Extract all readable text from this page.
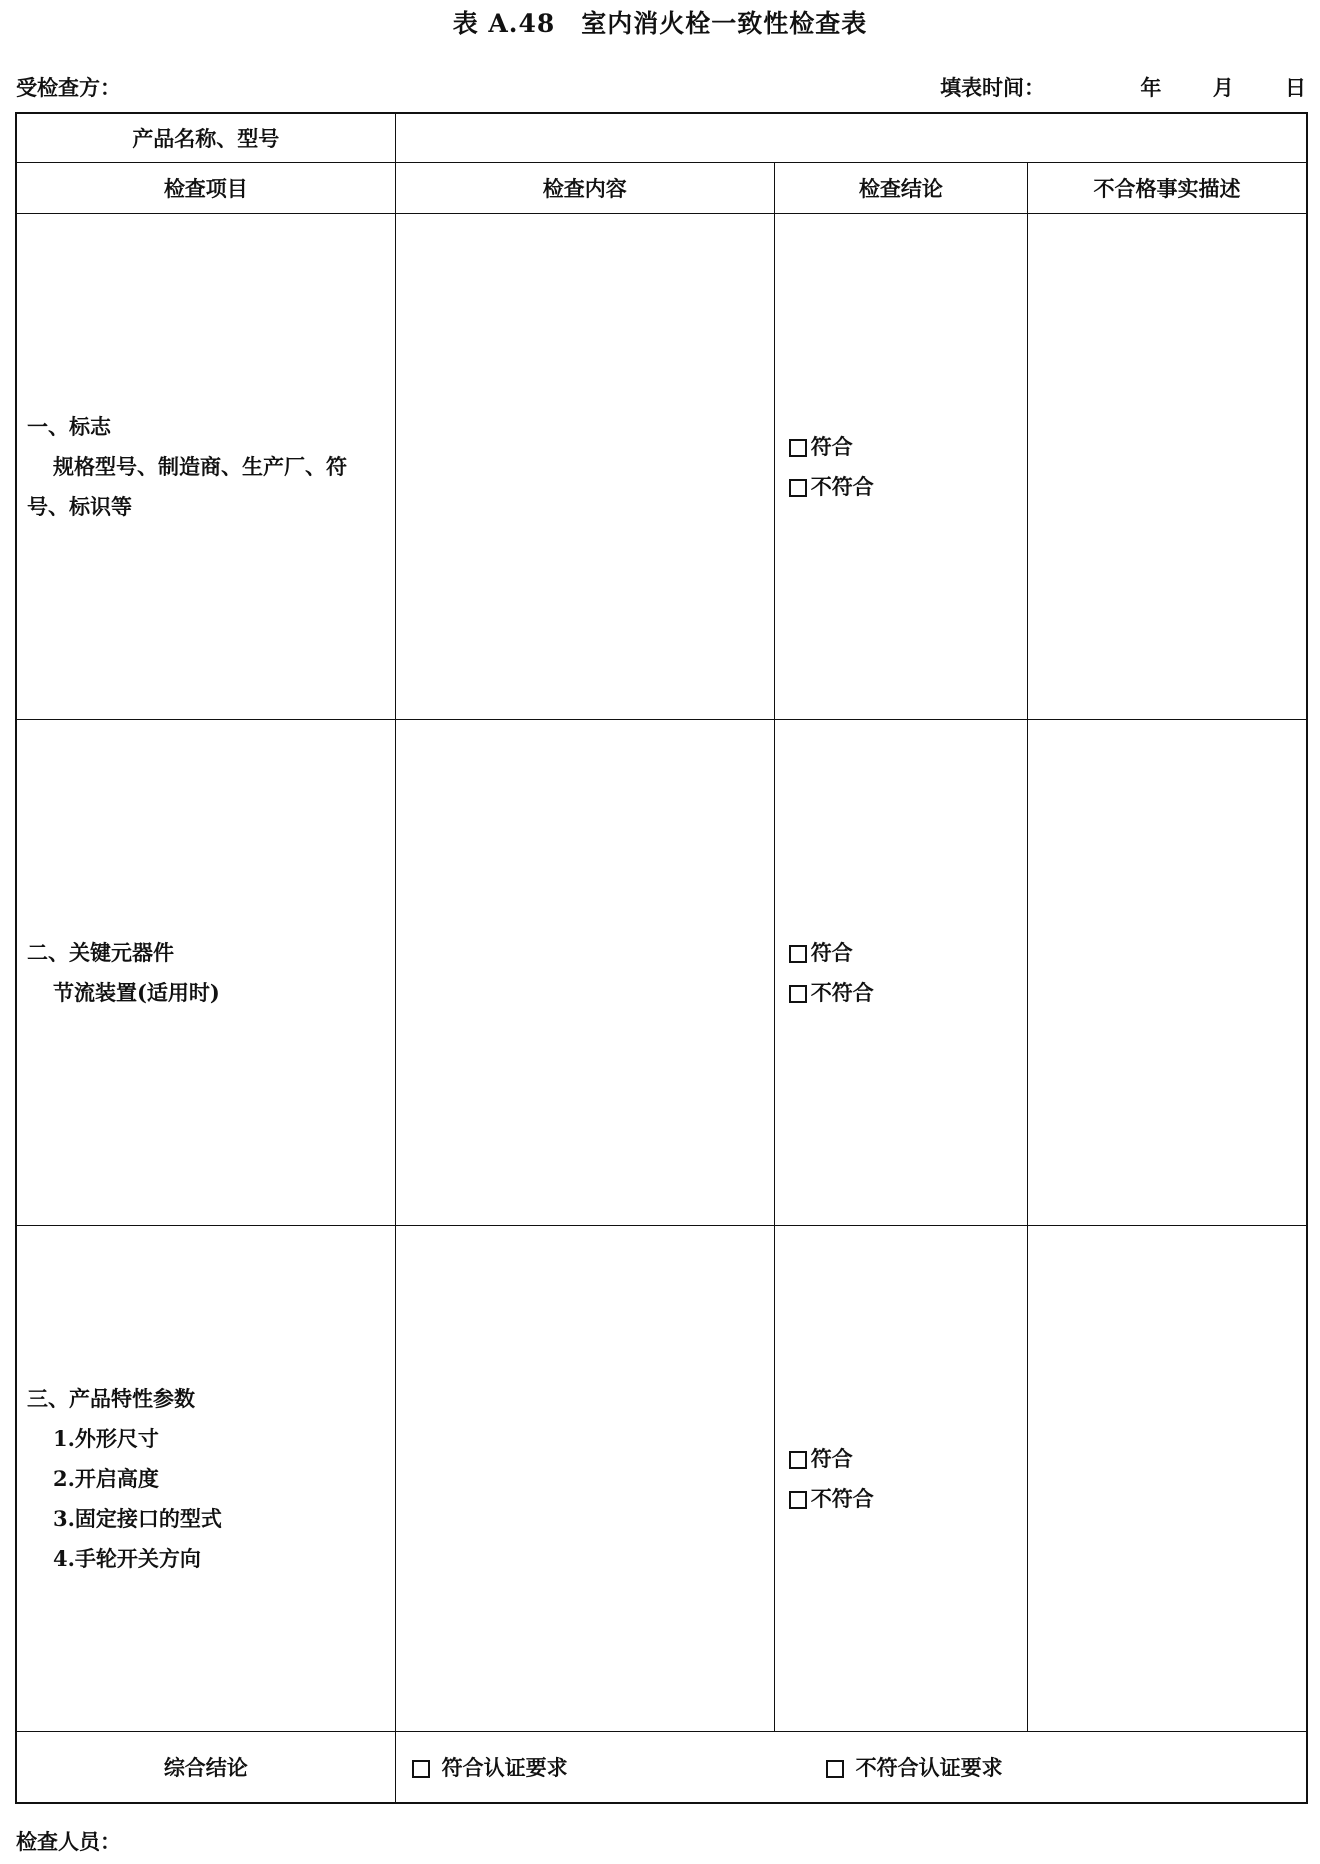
表 A.48　室内消火栓一致性检查表
受检查方：	填表时间：	年 月 日
产品名称、型号			
检查项目	检查内容	检查结论	不合格事实描述

一、标志
规格型号、制造商、生产厂、符
号、标识等		符合
不符合	

二、关键元器件
节流装置(适用时)		符合
不符合	

三、产品特性参数
1.外形尺寸
2.开启高度
3.固定接口的型式
4.手轮开关方向		符合
不符合	

综合结论	符合认证要求 不符合认证要求		
检查人员：
